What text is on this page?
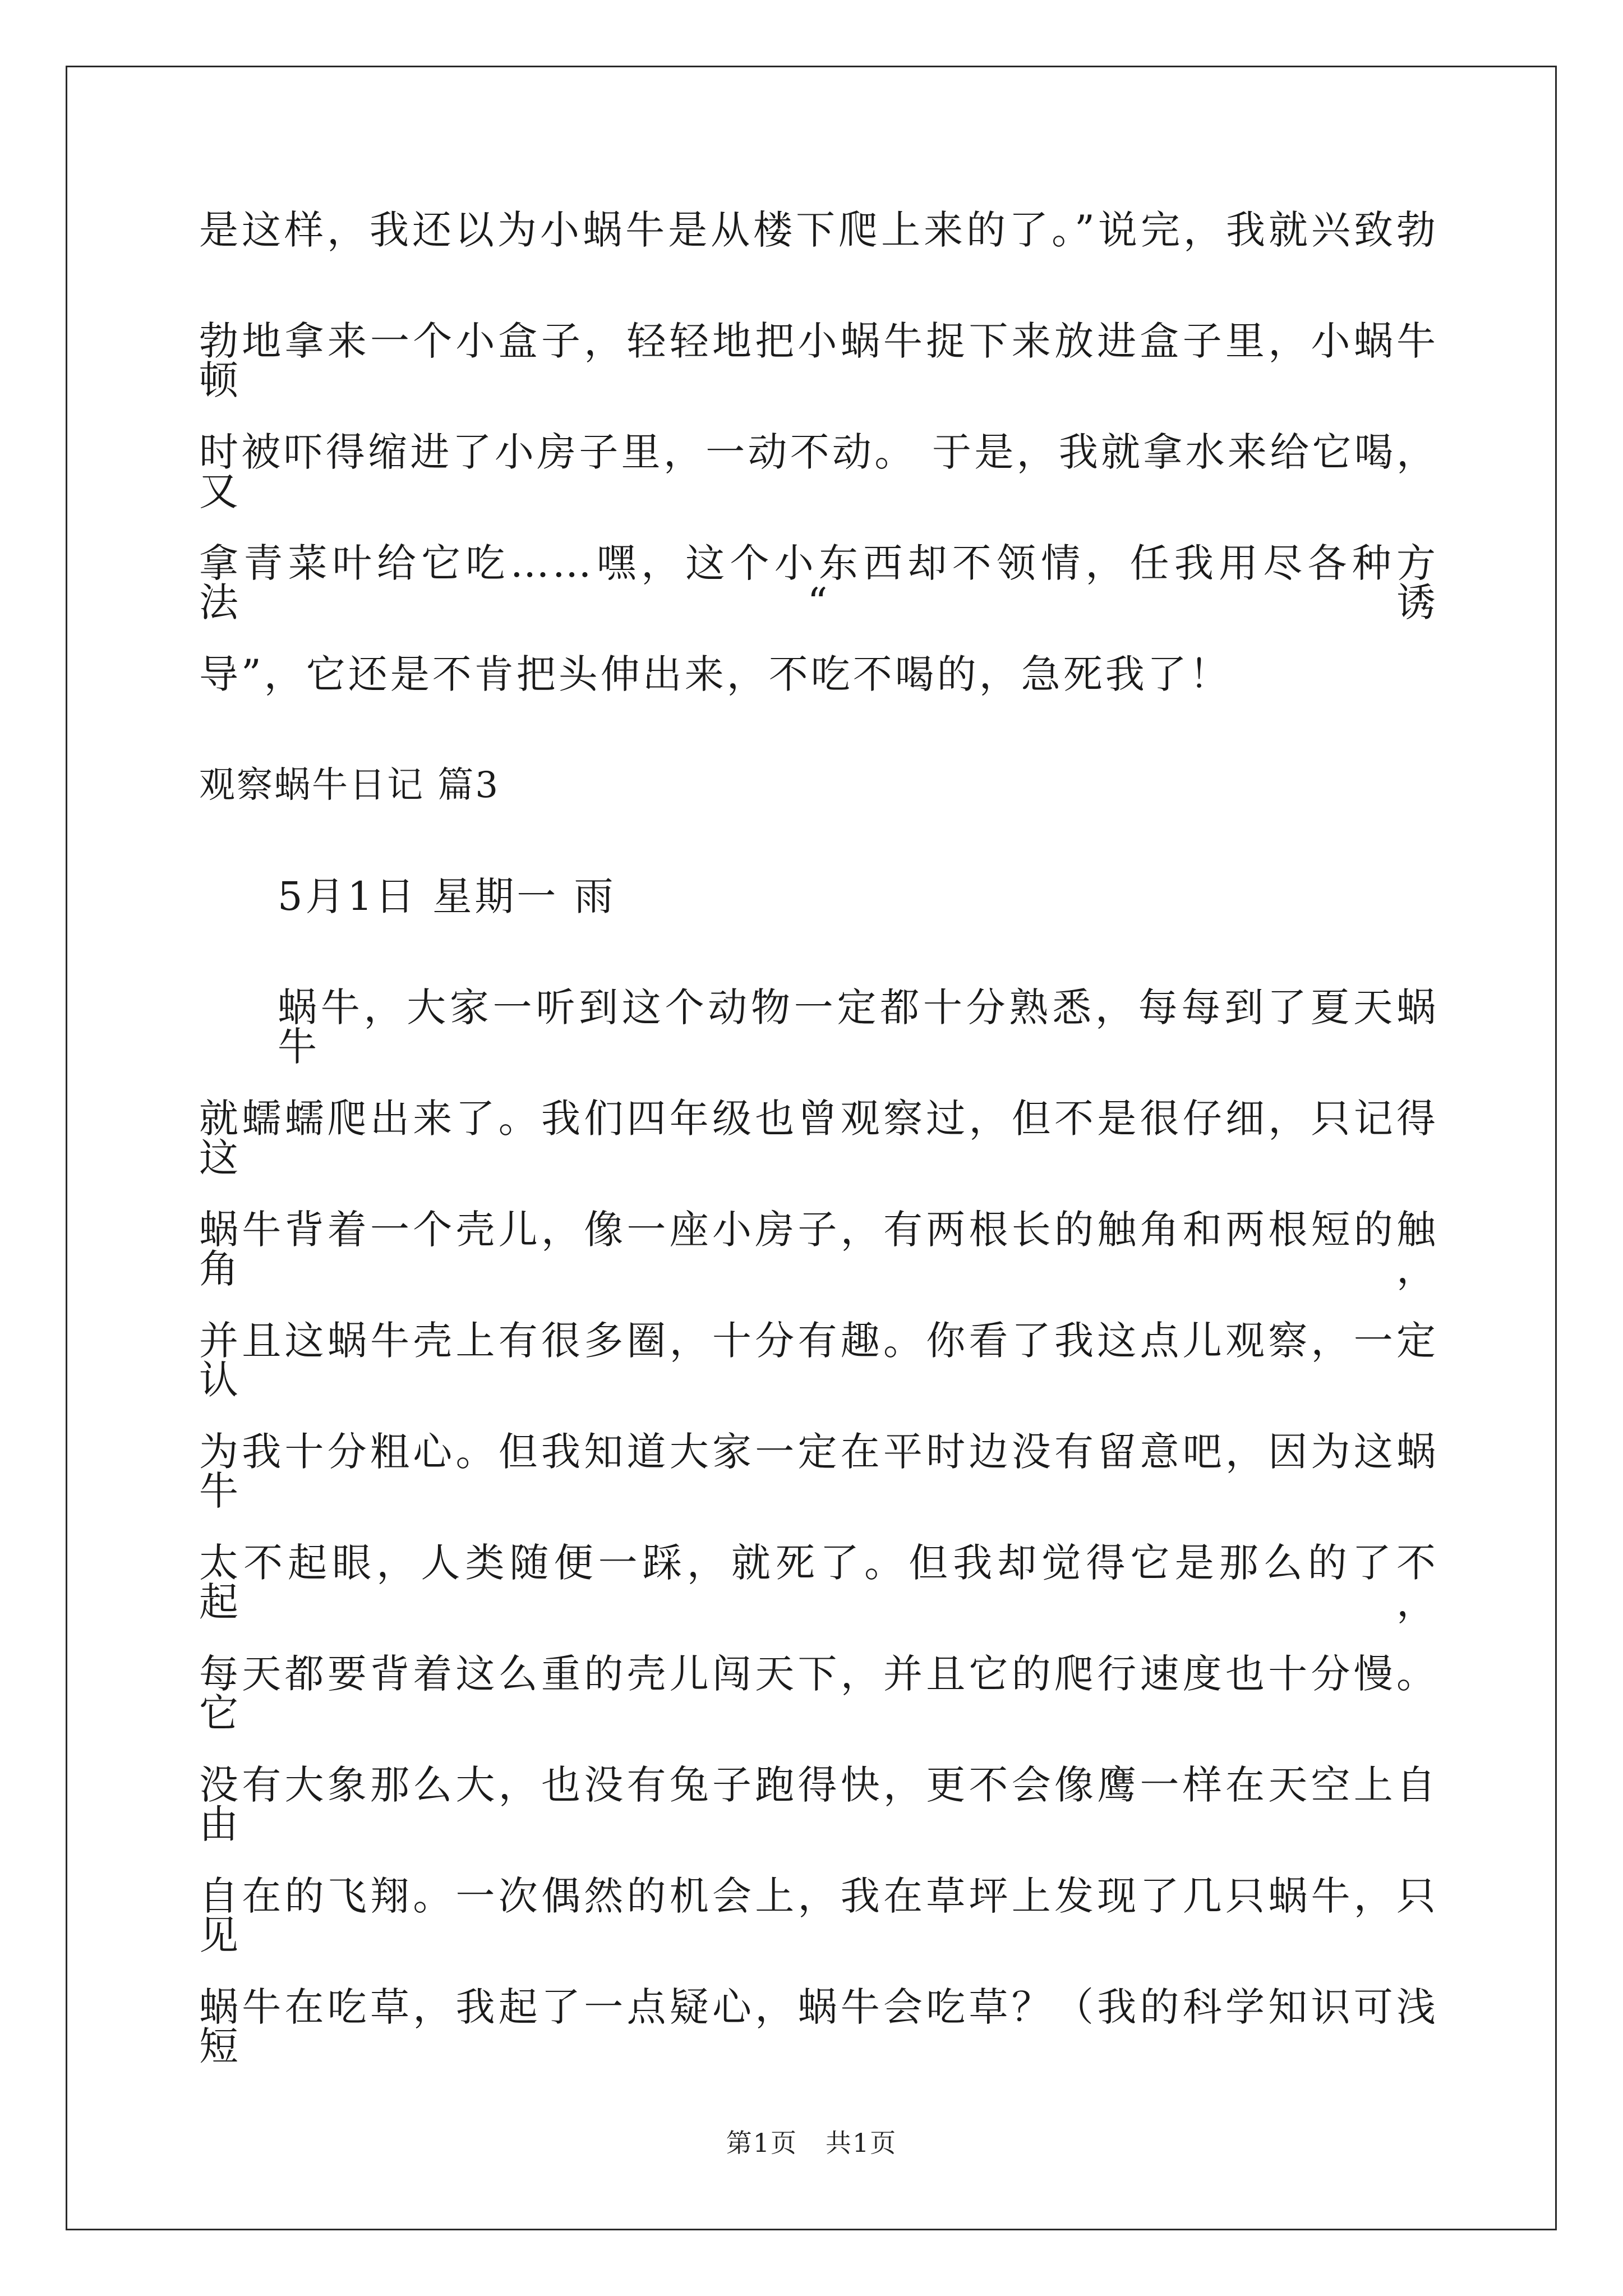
是这样，我还以为小蜗牛是从楼下爬上来的了。”说完，我就兴致勃
勃地拿来一个小盒子，轻轻地把小蜗牛捉下来放进盒子里，小蜗牛顿
时被吓得缩进了小房子里，一动不动。 于是，我就拿水来给它喝，又
拿青菜叶给它吃……嘿，这个小东西却不领情，任我用尽各种方法“诱
导”，它还是不肯把头伸出来，不吃不喝的，急死我了！
观察蜗牛日记 篇3
5月1日 星期一 雨
蜗牛，大家一听到这个动物一定都十分熟悉，每每到了夏天蜗牛
就蠕蠕爬出来了。我们四年级也曾观察过，但不是很仔细，只记得这
蜗牛背着一个壳儿，像一座小房子，有两根长的触角和两根短的触角，
并且这蜗牛壳上有很多圈，十分有趣。你看了我这点儿观察，一定认
为我十分粗心。但我知道大家一定在平时边没有留意吧，因为这蜗牛
太不起眼，人类随便一踩，就死了。但我却觉得它是那么的了不起，
每天都要背着这么重的壳儿闯天下，并且它的爬行速度也十分慢。它
没有大象那么大，也没有兔子跑得快，更不会像鹰一样在天空上自由
自在的飞翔。一次偶然的机会上，我在草坪上发现了几只蜗牛，只见
蜗牛在吃草，我起了一点疑心，蜗牛会吃草？（我的科学知识可浅短
第1页 共1页
